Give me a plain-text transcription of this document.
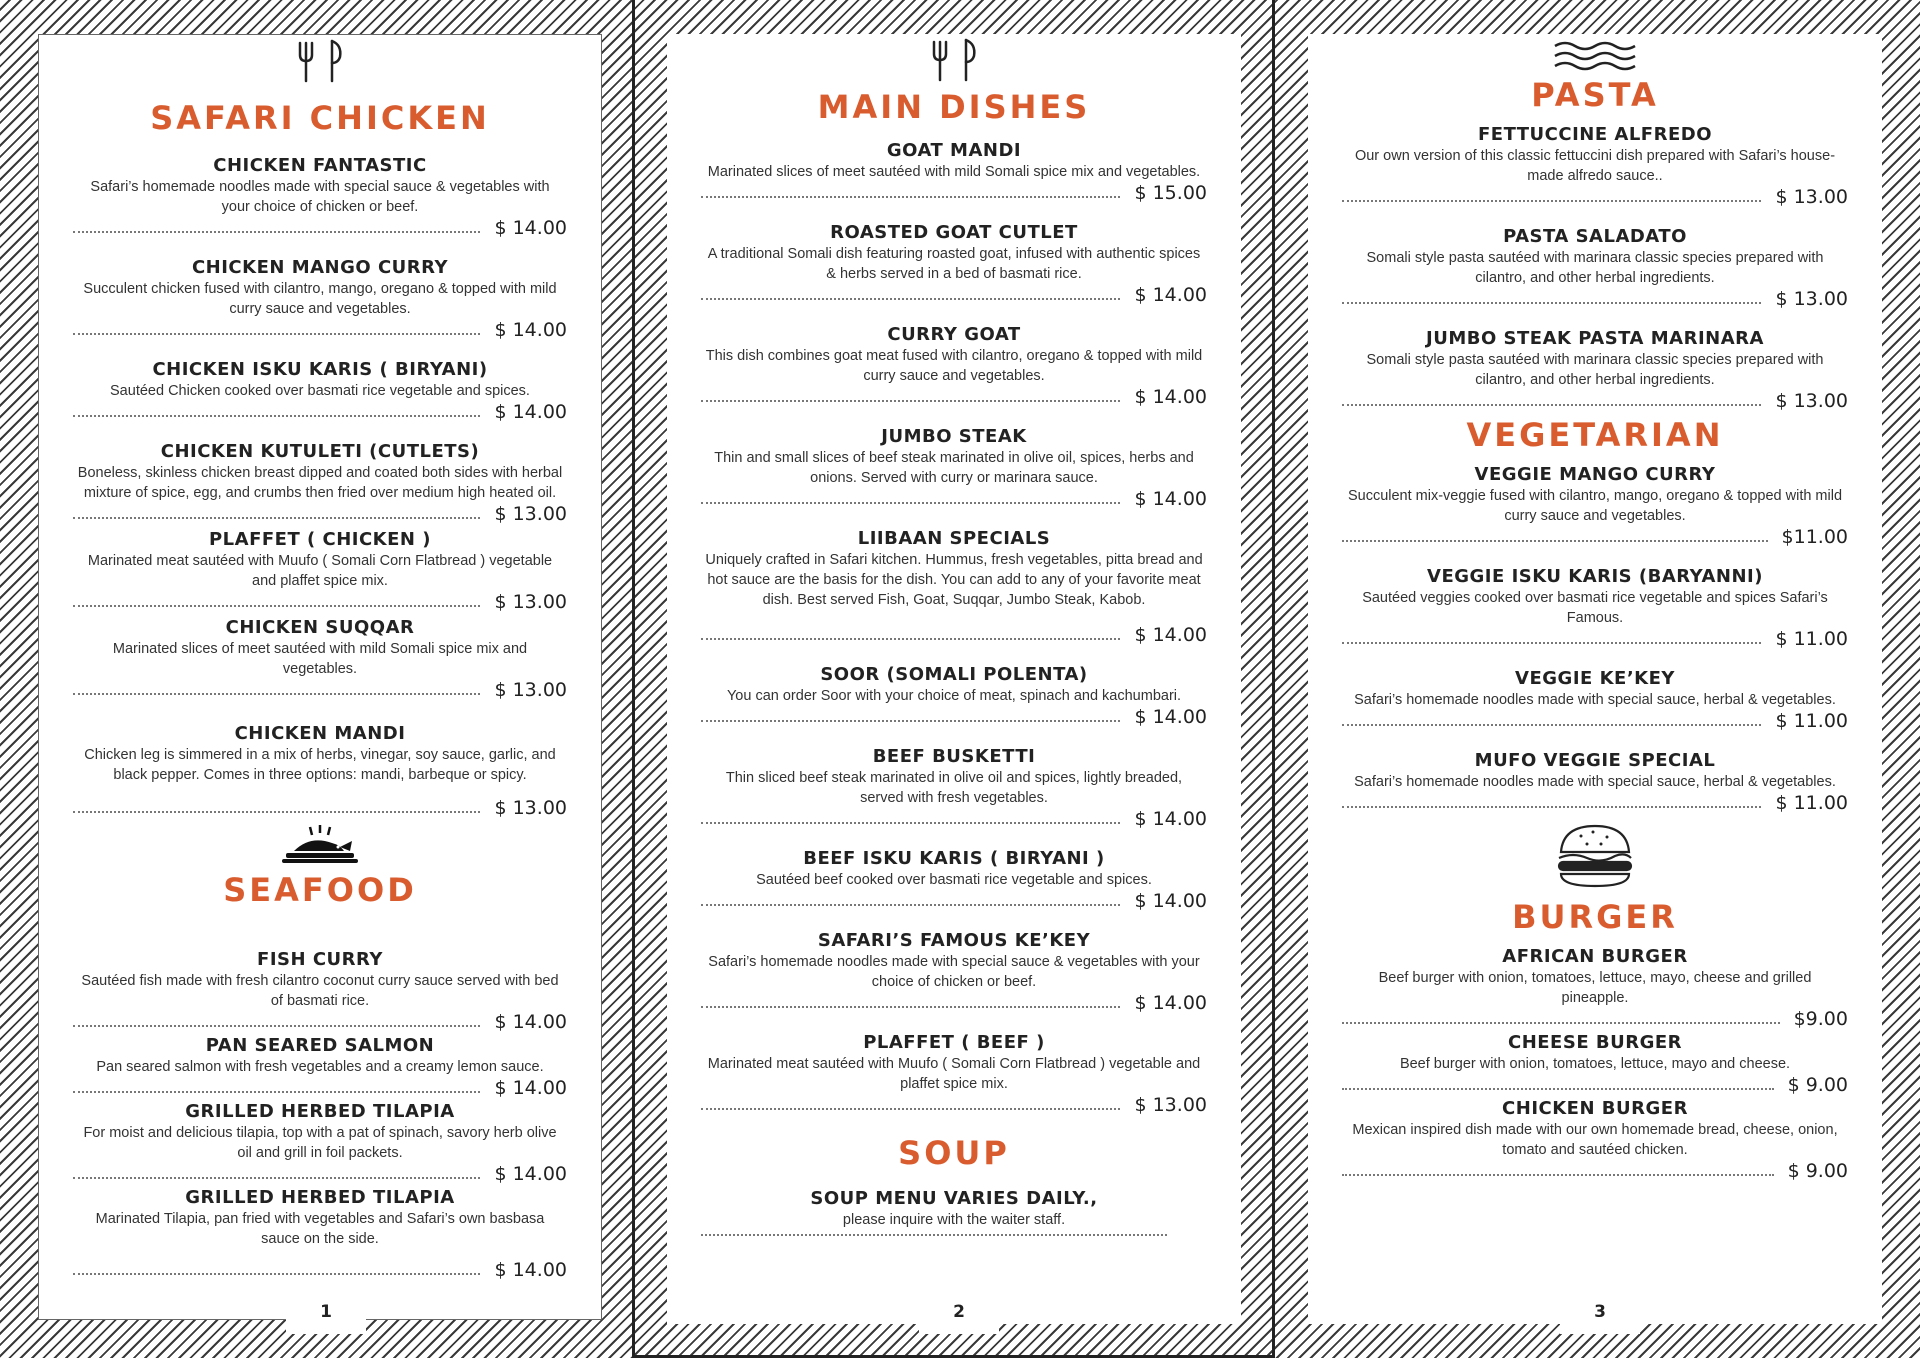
SAFARI CHICKEN
CHICKEN FANTASTIC
Safari’s homemade noodles made with special sauce & vegetables with your choice of chicken or beef.
$ 14.00
CHICKEN MANGO CURRY
Succulent chicken fused with cilantro, mango, oregano & topped with mild curry sauce and vegetables.
$ 14.00
CHICKEN ISKU KARIS ( BIRYANI)
Sautéed Chicken cooked over basmati rice vegetable and spices.
$ 14.00
CHICKEN KUTULETI (CUTLETS)
Boneless, skinless chicken breast dipped and coated both sides with herbal mixture of spice, egg, and crumbs then fried over medium high heated oil.
$ 13.00
PLAFFET ( CHICKEN )
Marinated meat sautéed with Muufo ( Somali Corn Flatbread ) vegetable and plaffet spice mix.
$ 13.00
CHICKEN SUQQAR
Marinated slices of meet sautéed with mild Somali spice mix and vegetables.
$ 13.00
CHICKEN MANDI
Chicken leg is simmered in a mix of herbs, vinegar, soy sauce, garlic, and black pepper. Comes in three options: mandi, barbeque or spicy.
$ 13.00
SEAFOOD
FISH CURRY
Sautéed fish made with fresh cilantro coconut curry sauce served with bed of basmati rice.
$ 14.00
PAN SEARED SALMON
Pan seared salmon with fresh vegetables and a creamy lemon sauce.
$ 14.00
GRILLED HERBED TILAPIA
For moist and delicious tilapia, top with a pat of spinach, savory herb olive oil and grill in foil packets.
$ 14.00
GRILLED HERBED TILAPIA
Marinated Tilapia, pan fried with vegetables and Safari’s own basbasa sauce on the side.
$ 14.00
MAIN DISHES
GOAT MANDI
Marinated slices of meet sautéed with mild Somali spice mix and vegetables.
$ 15.00
ROASTED GOAT CUTLET
A traditional Somali dish featuring roasted goat, infused with authentic spices & herbs served in a bed of basmati rice.
$ 14.00
CURRY GOAT
This dish combines goat meat fused with cilantro, oregano & topped with mild curry sauce and vegetables.
$ 14.00
JUMBO STEAK
Thin and small slices of beef steak marinated in olive oil, spices, herbs and onions. Served with curry or marinara sauce.
$ 14.00
LIIBAAN SPECIALS
Uniquely crafted in Safari kitchen. Hummus, fresh vegetables, pitta bread and hot sauce are the basis for the dish. You can add to any of your favorite meat dish. Best served Fish, Goat, Suqqar, Jumbo Steak, Kabob.
$ 14.00
SOOR (SOMALI POLENTA)
You can order Soor with your choice of meat, spinach and kachumbari.
$ 14.00
BEEF BUSKETTI
Thin sliced beef steak marinated in olive oil and spices, lightly breaded, served with fresh vegetables.
$ 14.00
BEEF ISKU KARIS ( BIRYANI )
Sautéed beef cooked over basmati rice vegetable and spices.
$ 14.00
SAFARI’S FAMOUS KE’KEY
Safari’s homemade noodles made with special sauce & vegetables with your choice of chicken or beef.
$ 14.00
PLAFFET ( BEEF )
Marinated meat sautéed with Muufo ( Somali Corn Flatbread ) vegetable and plaffet spice mix.
$ 13.00
SOUP
SOUP MENU VARIES DAILY.,
please inquire with the waiter staff.
PASTA
FETTUCCINE ALFREDO
Our own version of this classic fettuccini dish prepared with Safari’s house- made alfredo sauce..
$ 13.00
PASTA SALADATO
Somali style pasta sautéed with marinara classic species prepared with cilantro, and other herbal ingredients.
$ 13.00
JUMBO STEAK PASTA MARINARA
Somali style pasta sautéed with marinara classic species prepared with cilantro, and other herbal ingredients.
$ 13.00
VEGETARIAN
VEGGIE MANGO CURRY
Succulent mix-veggie fused with cilantro, mango, oregano & topped with mild curry sauce and vegetables.
$11.00
VEGGIE ISKU KARIS (BARYANNI)
Sautéed veggies cooked over basmati rice vegetable and spices Safari’s Famous.
$ 11.00
VEGGIE KE’KEY
Safari’s homemade noodles made with special sauce, herbal & vegetables.
$ 11.00
MUFO VEGGIE SPECIAL
Safari’s homemade noodles made with special sauce, herbal & vegetables.
$ 11.00
BURGER
AFRICAN BURGER
Beef burger with onion, tomatoes, lettuce, mayo, cheese and grilled pineapple.
$9.00
CHEESE BURGER
Beef burger with onion, tomatoes, lettuce, mayo and cheese.
$ 9.00
CHICKEN BURGER
Mexican inspired dish made with our own homemade bread, cheese, onion, tomato and sautéed chicken.
$ 9.00
1	2	3
